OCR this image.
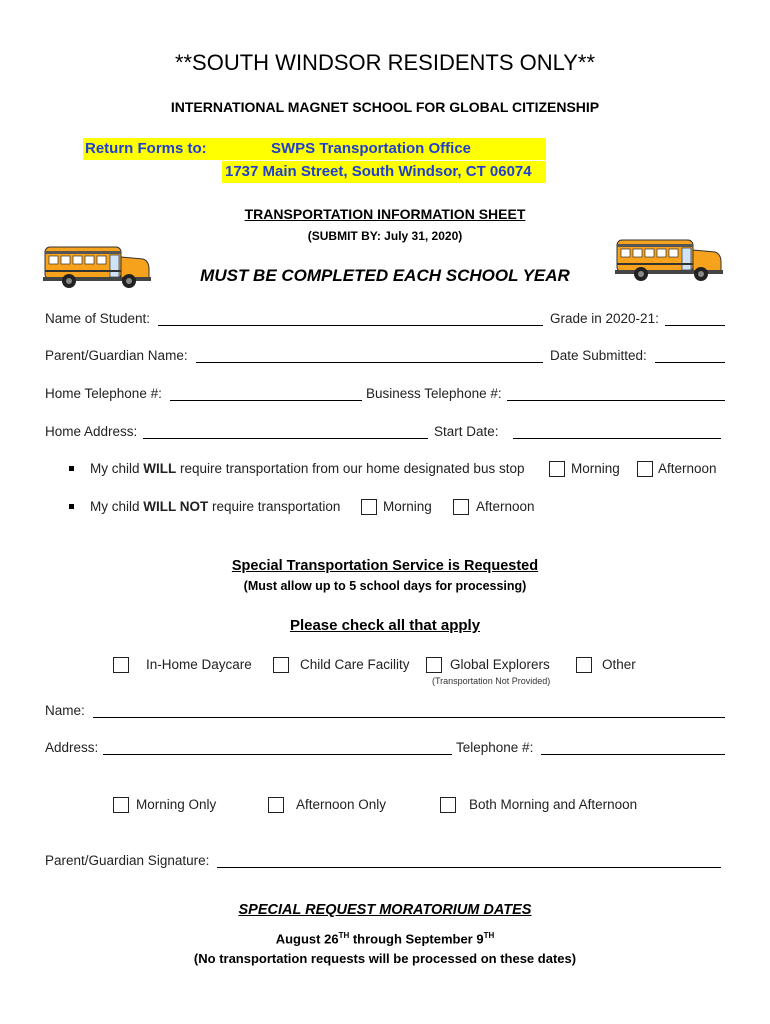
**SOUTH WINDSOR RESIDENTS ONLY**
INTERNATIONAL MAGNET SCHOOL FOR GLOBAL CITIZENSHIP
Return Forms to:	SWPS Transportation Office
1737 Main Street, South Windsor, CT 06074
TRANSPORTATION INFORMATION SHEET
(SUBMIT BY: July 31, 2020)
MUST BE COMPLETED EACH SCHOOL YEAR
Name of Student:	Grade in 2020-21:
Parent/Guardian Name:	Date Submitted:
Home Telephone #:	Business Telephone #:
Home Address:	Start Date:
My child WILL require transportation from our home designated bus stop	Morning	Afternoon
My child WILL NOT require transportation	Morning	Afternoon
Special Transportation Service is Requested
(Must allow up to 5 school days for processing)
Please check all that apply
In-Home Daycare	Child Care Facility	Global Explorers	Other
(Transportation Not Provided)
Name:
Address:	Telephone #:
Morning Only	Afternoon Only	Both Morning and Afternoon
Parent/Guardian Signature:
SPECIAL REQUEST MORATORIUM DATES
August 26TH through September 9TH
(No transportation requests will be processed on these dates)
